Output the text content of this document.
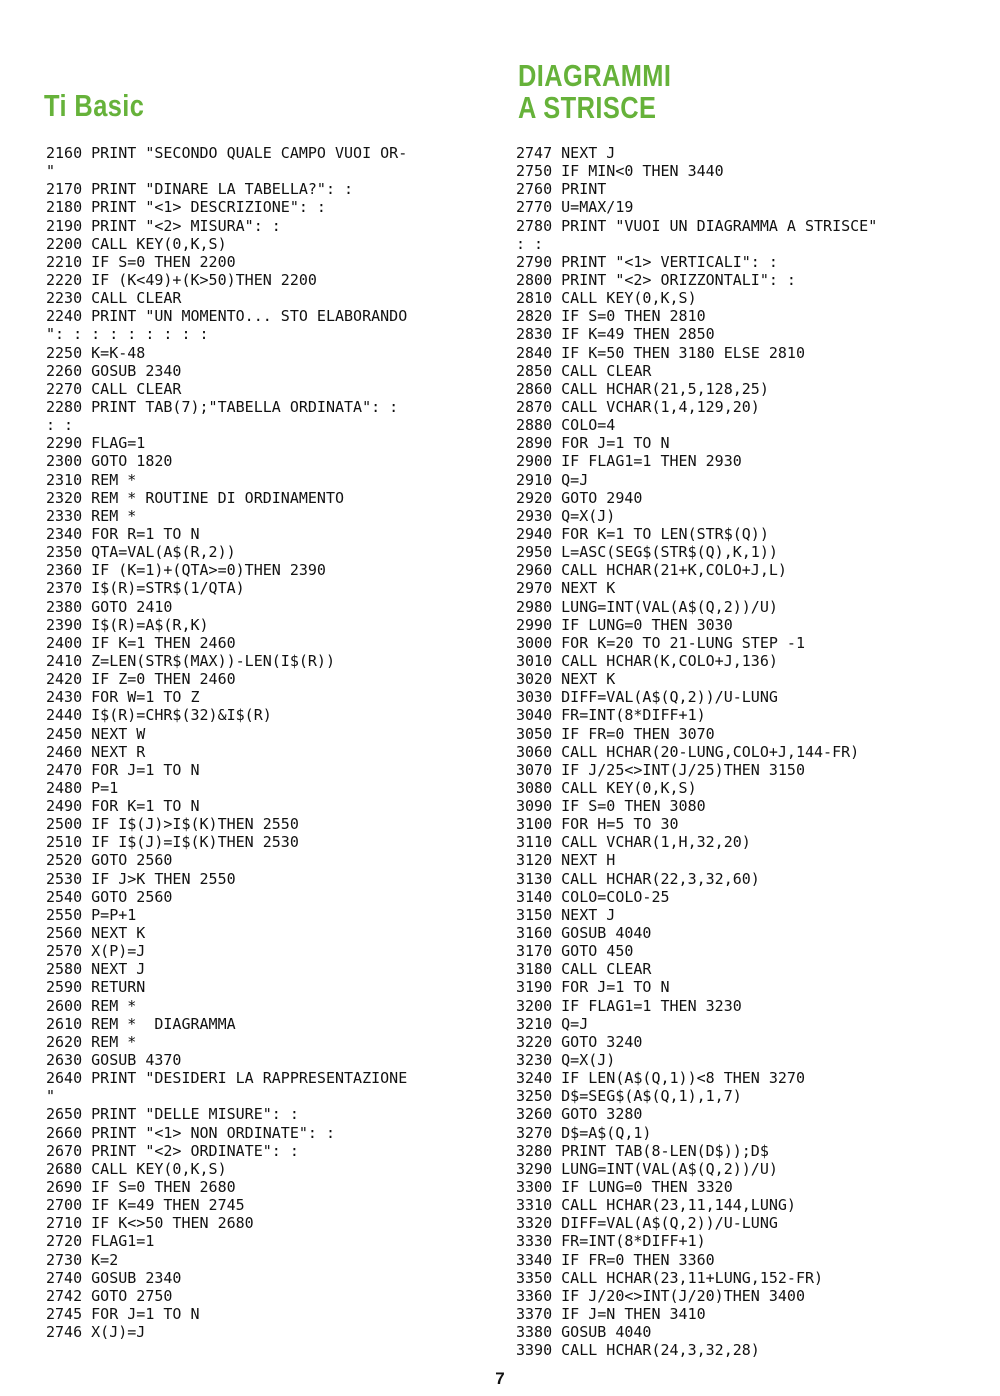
Ti Basic
DIAGRAMMI
A STRISCE
2160 PRINT "SECONDO QUALE CAMPO VUOI OR-
"
2170 PRINT "DINARE LA TABELLA?": :
2180 PRINT "<1> DESCRIZIONE": :
2190 PRINT "<2> MISURA": :
2200 CALL KEY(0,K,S)
2210 IF S=0 THEN 2200
2220 IF (K<49)+(K>50)THEN 2200
2230 CALL CLEAR
2240 PRINT "UN MOMENTO... STO ELABORANDO
": : : : : : : : :
2250 K=K-48
2260 GOSUB 2340
2270 CALL CLEAR
2280 PRINT TAB(7);"TABELLA ORDINATA": :
: :
2290 FLAG=1
2300 GOTO 1820
2310 REM *
2320 REM * ROUTINE DI ORDINAMENTO
2330 REM *
2340 FOR R=1 TO N
2350 QTA=VAL(A$(R,2))
2360 IF (K=1)+(QTA>=0)THEN 2390
2370 I$(R)=STR$(1/QTA)
2380 GOTO 2410
2390 I$(R)=A$(R,K)
2400 IF K=1 THEN 2460
2410 Z=LEN(STR$(MAX))-LEN(I$(R))
2420 IF Z=0 THEN 2460
2430 FOR W=1 TO Z
2440 I$(R)=CHR$(32)&I$(R)
2450 NEXT W
2460 NEXT R
2470 FOR J=1 TO N
2480 P=1
2490 FOR K=1 TO N
2500 IF I$(J)>I$(K)THEN 2550
2510 IF I$(J)=I$(K)THEN 2530
2520 GOTO 2560
2530 IF J>K THEN 2550
2540 GOTO 2560
2550 P=P+1
2560 NEXT K
2570 X(P)=J
2580 NEXT J
2590 RETURN
2600 REM *
2610 REM *  DIAGRAMMA
2620 REM *
2630 GOSUB 4370
2640 PRINT "DESIDERI LA RAPPRESENTAZIONE
"
2650 PRINT "DELLE MISURE": :
2660 PRINT "<1> NON ORDINATE": :
2670 PRINT "<2> ORDINATE": :
2680 CALL KEY(0,K,S)
2690 IF S=0 THEN 2680
2700 IF K=49 THEN 2745
2710 IF K<>50 THEN 2680
2720 FLAG1=1
2730 K=2
2740 GOSUB 2340
2742 GOTO 2750
2745 FOR J=1 TO N
2746 X(J)=J
2747 NEXT J
2750 IF MIN<0 THEN 3440
2760 PRINT
2770 U=MAX/19
2780 PRINT "VUOI UN DIAGRAMMA A STRISCE"
: :
2790 PRINT "<1> VERTICALI": :
2800 PRINT "<2> ORIZZONTALI": :
2810 CALL KEY(0,K,S)
2820 IF S=0 THEN 2810
2830 IF K=49 THEN 2850
2840 IF K=50 THEN 3180 ELSE 2810
2850 CALL CLEAR
2860 CALL HCHAR(21,5,128,25)
2870 CALL VCHAR(1,4,129,20)
2880 COLO=4
2890 FOR J=1 TO N
2900 IF FLAG1=1 THEN 2930
2910 Q=J
2920 GOTO 2940
2930 Q=X(J)
2940 FOR K=1 TO LEN(STR$(Q))
2950 L=ASC(SEG$(STR$(Q),K,1))
2960 CALL HCHAR(21+K,COLO+J,L)
2970 NEXT K
2980 LUNG=INT(VAL(A$(Q,2))/U)
2990 IF LUNG=0 THEN 3030
3000 FOR K=20 TO 21-LUNG STEP -1
3010 CALL HCHAR(K,COLO+J,136)
3020 NEXT K
3030 DIFF=VAL(A$(Q,2))/U-LUNG
3040 FR=INT(8*DIFF+1)
3050 IF FR=0 THEN 3070
3060 CALL HCHAR(20-LUNG,COLO+J,144-FR)
3070 IF J/25<>INT(J/25)THEN 3150
3080 CALL KEY(0,K,S)
3090 IF S=0 THEN 3080
3100 FOR H=5 TO 30
3110 CALL VCHAR(1,H,32,20)
3120 NEXT H
3130 CALL HCHAR(22,3,32,60)
3140 COLO=COLO-25
3150 NEXT J
3160 GOSUB 4040
3170 GOTO 450
3180 CALL CLEAR
3190 FOR J=1 TO N
3200 IF FLAG1=1 THEN 3230
3210 Q=J
3220 GOTO 3240
3230 Q=X(J)
3240 IF LEN(A$(Q,1))<8 THEN 3270
3250 D$=SEG$(A$(Q,1),1,7)
3260 GOTO 3280
3270 D$=A$(Q,1)
3280 PRINT TAB(8-LEN(D$));D$
3290 LUNG=INT(VAL(A$(Q,2))/U)
3300 IF LUNG=0 THEN 3320
3310 CALL HCHAR(23,11,144,LUNG)
3320 DIFF=VAL(A$(Q,2))/U-LUNG
3330 FR=INT(8*DIFF+1)
3340 IF FR=0 THEN 3360
3350 CALL HCHAR(23,11+LUNG,152-FR)
3360 IF J/20<>INT(J/20)THEN 3400
3370 IF J=N THEN 3410
3380 GOSUB 4040
3390 CALL HCHAR(24,3,32,28)
7
